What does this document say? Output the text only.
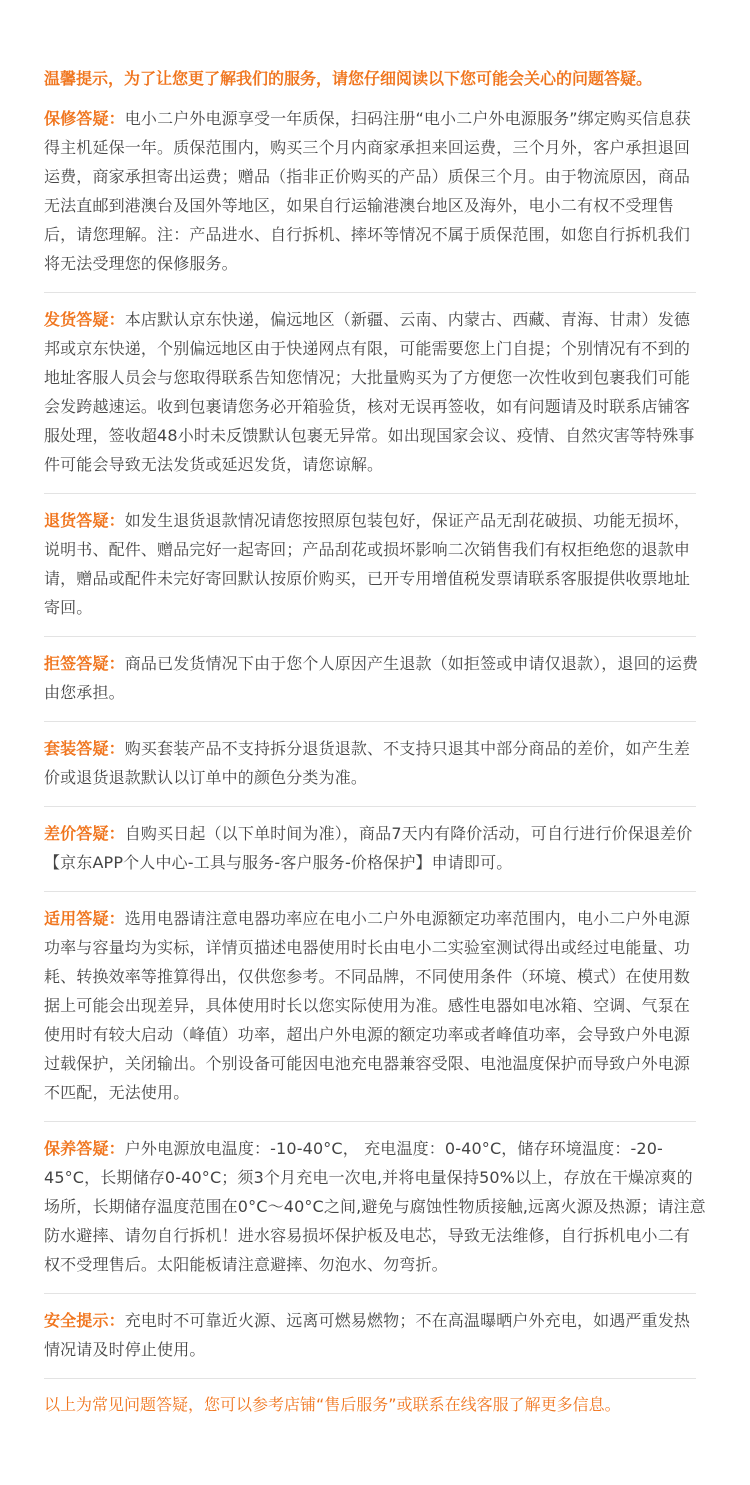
温馨提示，为了让您更了解我们的服务，请您仔细阅读以下您可能会关心的问题答疑。

保修答疑：电小二户外电源享受一年质保，扫码注册“电小二户外电源服务”绑定购买信息获得主机延保一年。质保范围内，购买三个月内商家承担来回运费，三个月外，客户承担退回运费，商家承担寄出运费；赠品（指非正价购买的产品）质保三个月。由于物流原因，商品无法直邮到港澳台及国外等地区，如果自行运输港澳台地区及海外，电小二有权不受理售后，请您理解。注：产品进水、自行拆机、摔坏等情况不属于质保范围，如您自行拆机我们将无法受理您的保修服务。

发货答疑：本店默认京东快递，偏远地区（新疆、云南、内蒙古、西藏、青海、甘肃）发德邦或京东快递，个别偏远地区由于快递网点有限，可能需要您上门自提；个别情况有不到的地址客服人员会与您取得联系告知您情况；大批量购买为了方便您一次性收到包裹我们可能会发跨越速运。收到包裹请您务必开箱验货，核对无误再签收，如有问题请及时联系店铺客服处理，签收超48小时未反馈默认包裹无异常。如出现国家会议、疫情、自然灾害等特殊事件可能会导致无法发货或延迟发货，请您谅解。

退货答疑：如发生退货退款情况请您按照原包装包好，保证产品无刮花破损、功能无损坏，说明书、配件、赠品完好一起寄回；产品刮花或损坏影响二次销售我们有权拒绝您的退款申请，赠品或配件未完好寄回默认按原价购买，已开专用增值税发票请联系客服提供收票地址寄回。

拒签答疑：商品已发货情况下由于您个人原因产生退款（如拒签或申请仅退款），退回的运费由您承担。

套装答疑：购买套装产品不支持拆分退货退款、不支持只退其中部分商品的差价，如产生差价或退货退款默认以订单中的颜色分类为准。

差价答疑：自购买日起（以下单时间为准），商品7天内有降价活动，可自行进行价保退差价【京东APP个人中心-工具与服务-客户服务-价格保护】申请即可。

适用答疑：选用电器请注意电器功率应在电小二户外电源额定功率范围内，电小二户外电源功率与容量均为实标，详情页描述电器使用时长由电小二实验室测试得出或经过电能量、功耗、转换效率等推算得出，仅供您参考。不同品牌，不同使用条件（环境、模式）在使用数据上可能会出现差异，具体使用时长以您实际使用为准。感性电器如电冰箱、空调、气泵在使用时有较大启动（峰值）功率，超出户外电源的额定功率或者峰值功率，会导致户外电源过载保护，关闭输出。个别设备可能因电池充电器兼容受限、电池温度保护而导致户外电源不匹配，无法使用。

保养答疑：户外电源放电温度：-10-40°C， 充电温度：0-40°C，储存环境温度：-20-45°C，长期储存0-40°C；须3个月充电一次电,并将电量保持50%以上，存放在干燥凉爽的场所，长期储存温度范围在0°C～40°C之间,避免与腐蚀性物质接触,远离火源及热源；请注意防水避摔、请勿自行拆机！进水容易损坏保护板及电芯，导致无法维修，自行拆机电小二有权不受理售后。太阳能板请注意避摔、勿泡水、勿弯折。

安全提示：充电时不可靠近火源、远离可燃易燃物；不在高温曝晒户外充电，如遇严重发热情况请及时停止使用。

以上为常见问题答疑，您可以参考店铺“售后服务”或联系在线客服了解更多信息。
